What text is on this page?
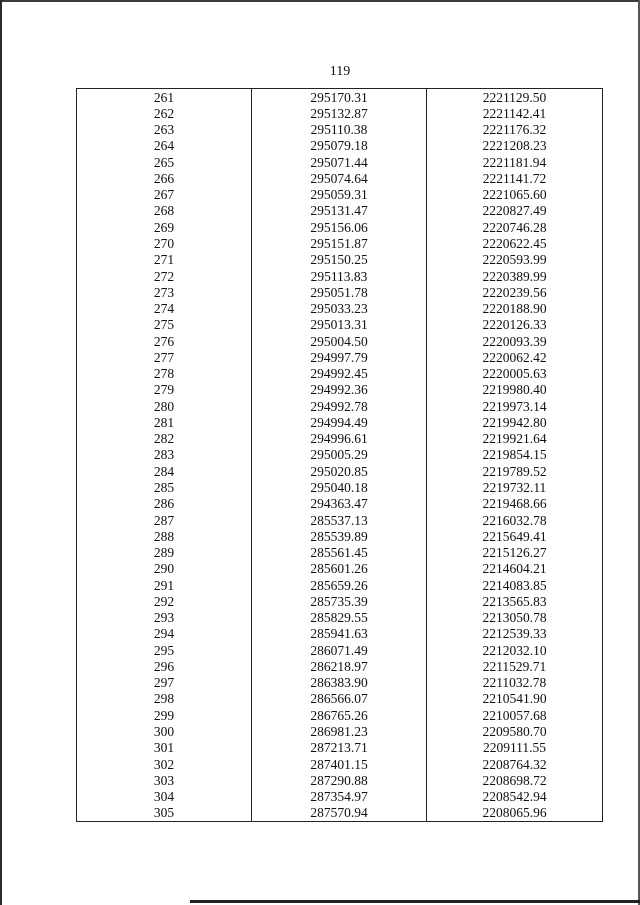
119
261	295170.31	2221129.50
262	295132.87	2221142.41
263	295110.38	2221176.32
264	295079.18	2221208.23
265	295071.44	2221181.94
266	295074.64	2221141.72
267	295059.31	2221065.60
268	295131.47	2220827.49
269	295156.06	2220746.28
270	295151.87	2220622.45
271	295150.25	2220593.99
272	295113.83	2220389.99
273	295051.78	2220239.56
274	295033.23	2220188.90
275	295013.31	2220126.33
276	295004.50	2220093.39
277	294997.79	2220062.42
278	294992.45	2220005.63
279	294992.36	2219980.40
280	294992.78	2219973.14
281	294994.49	2219942.80
282	294996.61	2219921.64
283	295005.29	2219854.15
284	295020.85	2219789.52
285	295040.18	2219732.11
286	294363.47	2219468.66
287	285537.13	2216032.78
288	285539.89	2215649.41
289	285561.45	2215126.27
290	285601.26	2214604.21
291	285659.26	2214083.85
292	285735.39	2213565.83
293	285829.55	2213050.78
294	285941.63	2212539.33
295	286071.49	2212032.10
296	286218.97	2211529.71
297	286383.90	2211032.78
298	286566.07	2210541.90
299	286765.26	2210057.68
300	286981.23	2209580.70
301	287213.71	2209111.55
302	287401.15	2208764.32
303	287290.88	2208698.72
304	287354.97	2208542.94
305	287570.94	2208065.96
